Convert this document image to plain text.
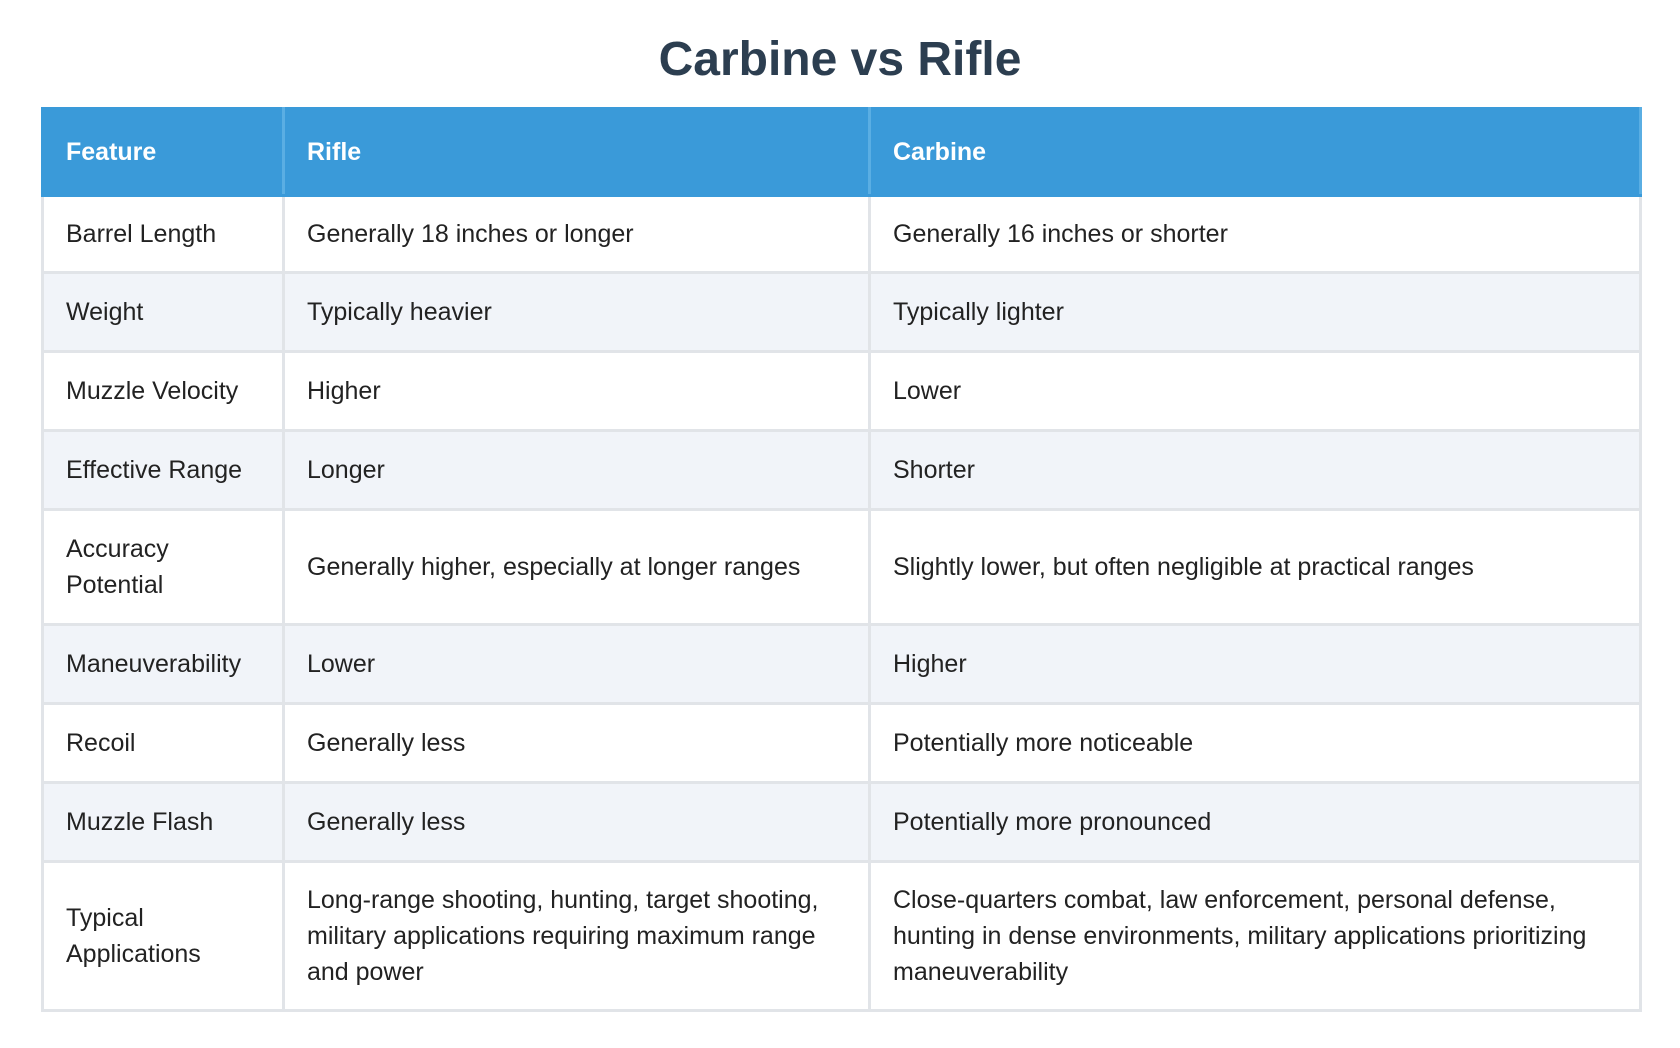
Carbine vs Rifle
Feature	Rifle	Carbine
Barrel Length	Generally 18 inches or longer	Generally 16 inches or shorter
Weight	Typically heavier	Typically lighter
Muzzle Velocity	Higher	Lower
Effective Range	Longer	Shorter
Accuracy Potential	Generally higher, especially at longer ranges	Slightly lower, but often negligible at practical ranges
Maneuverability	Lower	Higher
Recoil	Generally less	Potentially more noticeable
Muzzle Flash	Generally less	Potentially more pronounced
Typical Applications	Long-range shooting, hunting, target shooting, military applications requiring maximum range and power	Close-quarters combat, law enforcement, personal defense, hunting in dense environments, military applications prioritizing maneuverability
